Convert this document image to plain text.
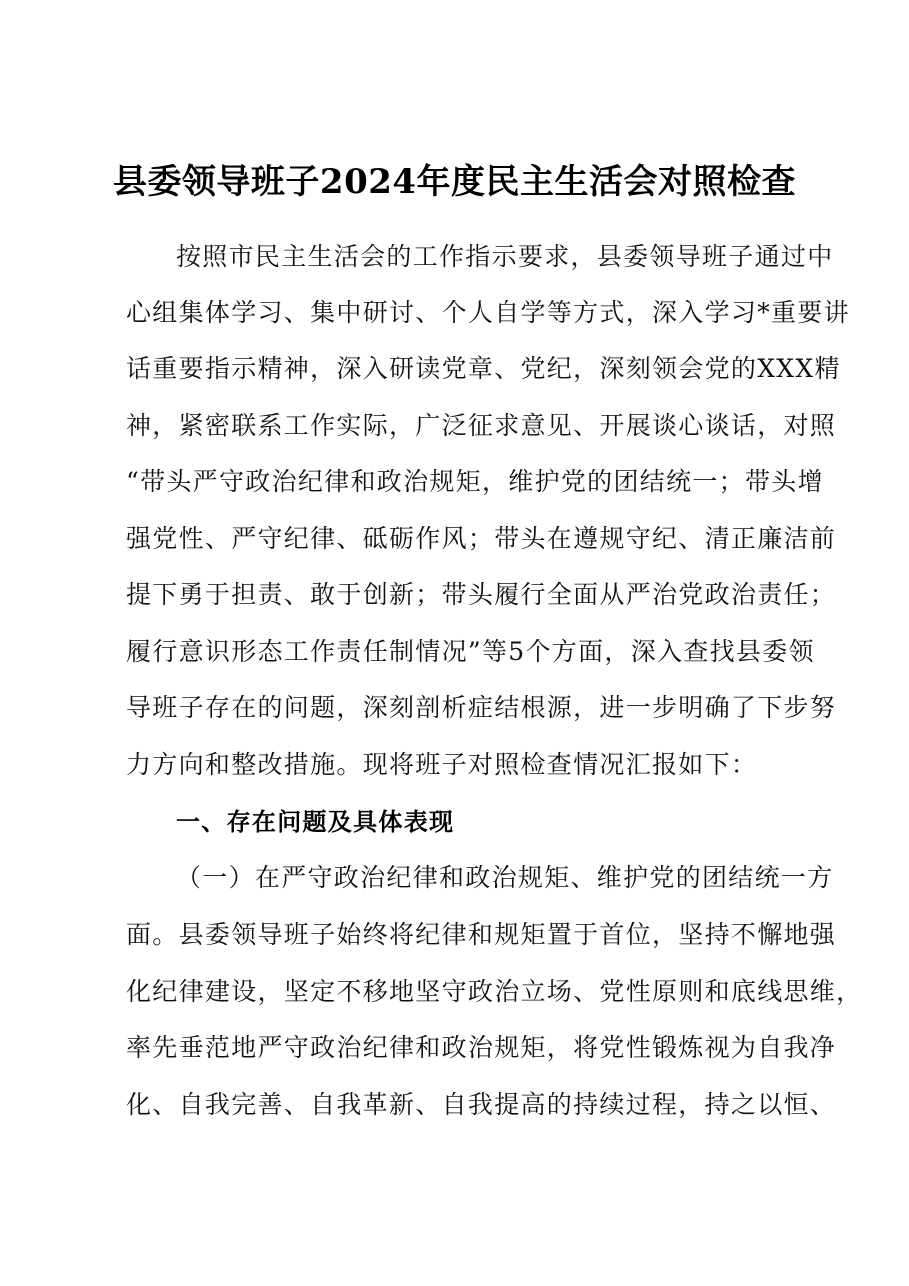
县委领导班子2024年度民主生活会对照检查
按照市民主生活会的工作指示要求，县委领导班子通过中
心组集体学习、集中研讨、个人自学等方式，深入学习*重要讲
话重要指示精神，深入研读党章、党纪，深刻领会党的XXX精
神，紧密联系工作实际，广泛征求意见、开展谈心谈话，对照
“带头严守政治纪律和政治规矩，维护党的团结统一；带头增
强党性、严守纪律、砥砺作风；带头在遵规守纪、清正廉洁前
提下勇于担责、敢于创新；带头履行全面从严治党政治责任；
履行意识形态工作责任制情况”等5个方面，深入查找县委领
导班子存在的问题，深刻剖析症结根源，进一步明确了下步努
力方向和整改措施。现将班子对照检查情况汇报如下：
一、存在问题及具体表现
（一）在严守政治纪律和政治规矩、维护党的团结统一方
面。县委领导班子始终将纪律和规矩置于首位，坚持不懈地强
化纪律建设，坚定不移地坚守政治立场、党性原则和底线思维，
率先垂范地严守政治纪律和政治规矩，将党性锻炼视为自我净
化、自我完善、自我革新、自我提高的持续过程，持之以恒、
